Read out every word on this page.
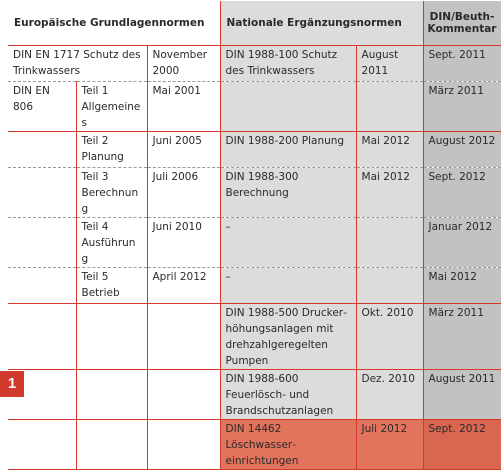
Europäische Grundlagennormen			Nationale Ergänzungsnormen		DIN/Beuth-Kommentar
DIN EN 1717 Schutz des Trinkwassers		November 2000	DIN 1988-100 Schutz des Trinkwassers	August 2011	Sept. 2011
DIN EN 806	Teil 1 Allgemeines	Mai 2001			März 2011
	Teil 2 Planung	Juni 2005	DIN 1988-200 Planung	Mai 2012	August 2012
	Teil 3 Berechnung	Juli 2006	DIN 1988-300 Berechnung	Mai 2012	Sept. 2012
	Teil 4 Ausführung	Juni 2010	–		Januar 2012
	Teil 5 Betrieb	April 2012	–		Mai 2012
			DIN 1988-500 Druckerhöhungsanlagen mit drehzahlgeregelten Pumpen	Okt. 2010	März 2011
			DIN 1988-600 Feuerlösch- und Brandschutzanlagen	Dez. 2010	August 2011
			DIN 14462 Löschwassereinrichtungen	Juli 2012	Sept. 2012
1
